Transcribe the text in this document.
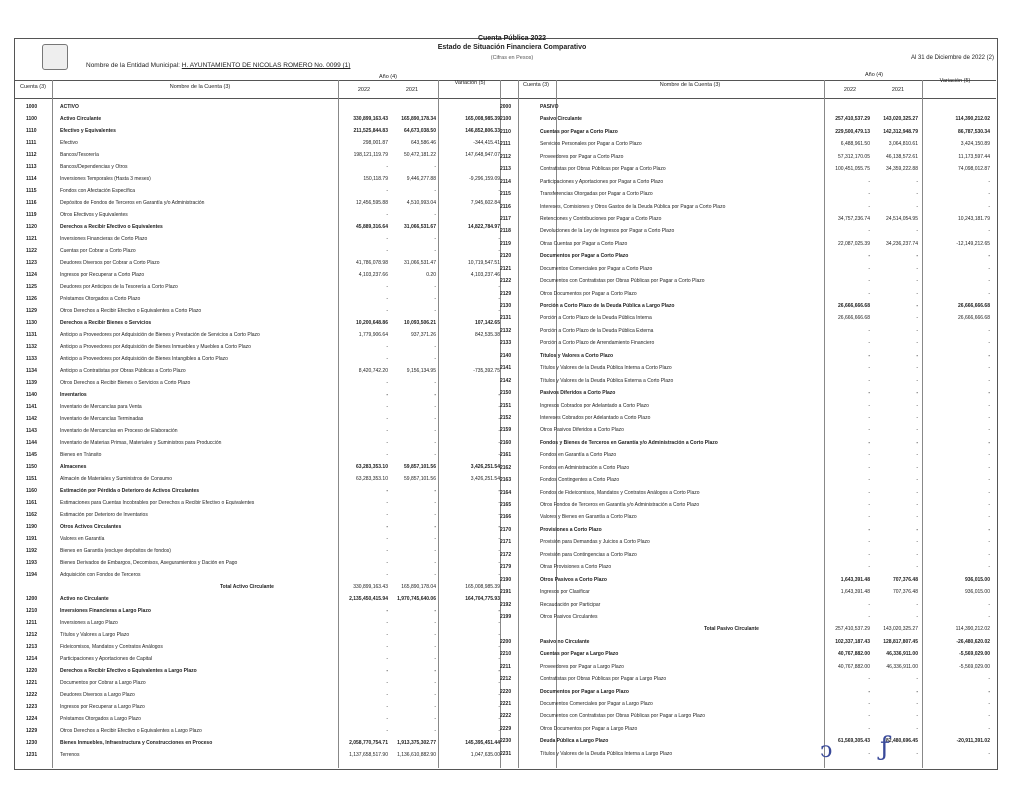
Cuenta Pública 2022
Estado de Situación Financiera Comparativo
(Cifras en Pesos)
Nombre de la Entidad Municipal: H. AYUNTAMIENTO DE NICOLAS ROMERO No. 0099 (1)
Al 31 de Diciembre de 2022 (2)
Cuenta (3)	Nombre de la Cuenta (3)
Año (4)
2022	2021
Variación (5)	Cuenta (3)	Nombre de la Cuenta (3)
Año (4)
2022	2021
Variación (5)
1000	ACTIVO
1100	Activo Circulante	330,899,163.43	165,890,178.34	165,008,985.39
1110	Efectivo y Equivalentes	211,525,844.83	64,673,038.50	146,852,806.33
1111	Efectivo	298,001.87	643,586.46	-344,415.41
1112	Bancos/Tesorería	198,121,119.79	50,472,181.22	147,648,947.07
1113	Bancos/Dependencias y Otros	-	-
1114	Inversiones Temporales (Hasta 3 meses)	150,118.79	9,446,277.88	-9,296,159.09
1115	Fondos con Afectación Específica	-	-	-
1116	Depósitos de Fondos de Terceros en Garantía y/o Administración	12,456,595.88	4,510,993.04	7,945,602.84
1119	Otros Efectivos y Equivalentes	-	-
1120	Derechos a Recibir Efectivo o Equivalentes	45,889,316.64	31,066,531.67	14,822,784.97
1121	Inversiones Financieras de Corto Plazo	-	-	-
1122	Cuentas por Cobrar a Corto Plazo	-	-	-
1123	Deudores Diversos por Cobrar a Corto Plazo	41,786,078.98	31,066,531.47	10,719,547.51
1124	Ingresos por Recuperar a Corto Plazo	4,103,237.66	0.20	4,103,237.46
1125	Deudores por Anticipos de la Tesorería a Corto Plazo	-	-	-
1126	Préstamos Otorgados a Corto Plazo	-	-	-
1129	Otros Derechos a Recibir Efectivo o Equivalentes a Corto Plazo	-	-	-
1130	Derechos a Recibir Bienes o Servicios	10,200,648.86	10,093,506.21	107,142.65
1131	Anticipo a Proveedores por Adquisición de Bienes y Prestación de Servicios a Corto Plazo	1,779,906.64	937,371.26	842,535.38
1132	Anticipo a Proveedores por Adquisición de Bienes Inmuebles y Muebles a Corto Plazo	-	-
1133	Anticipo a Proveedores por Adquisición de Bienes Intangibles a Corto Plazo	-	-
1134	Anticipo a Contratistas por Obras Públicas a Corto Plazo	8,420,742.20	9,156,134.95	-735,392.75
1139	Otros Derechos a Recibir Bienes o Servicios a Corto Plazo	-	-
1140	Inventarios	-	-	-
1141	Inventario de Mercancías para Venta	-	-	-
1142	Inventario de Mercancías Terminadas	-	-	-
1143	Inventario de Mercancías en Proceso de Elaboración	-	-	-
1144	Inventario de Materias Primas, Materiales y Suministros para Producción	-	-	-
1145	Bienes en Tránsito	-	-	-
1150	Almacenes	63,283,353.10	59,857,101.56	3,426,251.54
1151	Almacén de Materiales y Suministros de Consumo	63,283,353.10	59,857,101.56	3,426,251.54
1160	Estimación por Pérdida o Deterioro de Activos Circulantes	-	-	-
1161	Estimaciones para Cuentas Incobrables por Derechos a Recibir Efectivo o Equivalentes	-	-	-
1162	Estimación por Deterioro de Inventarios	-	-	-
1190	Otros Activos Circulantes	-	-	-
1191	Valores en Garantía	-	-	-
1192	Bienes en Garantía (excluye depósitos de fondos)	-	-	-
1193	Bienes Derivados de Embargos, Decomisos, Aseguramientos y Dación en Pago	-	-	-
1194	Adquisición con Fondos de Terceros	-	-	-
Total Activo Circulante	330,899,163.43	165,890,178.04	165,008,985.39
1200	Activo no Circulante	2,135,450,415.94	1,970,745,640.06	164,704,775.93
1210	Inversiones Financieras a Largo Plazo	-	-	-
1211	Inversiones a Largo Plazo	-	-	-
1212	Títulos y Valores a Largo Plazo	-	-	-
1213	Fideicomisos, Mandatos y Contratos Análogos	-	-	-
1214	Participaciones y Aportaciones de Capital	-	-	-
1220	Derechos a Recibir Efectivo o Equivalentes a Largo Plazo	-	-	-
1221	Documentos por Cobrar a Largo Plazo	-	-	-
1222	Deudores Diversos a Largo Plazo	-	-	-
1223	Ingresos por Recuperar a Largo Plazo	-	-	-
1224	Préstamos Otorgados a Largo Plazo	-	-	-
1229	Otros Derechos a Recibir Efectivo o Equivalentes a Largo Plazo	-	-	-
1230	Bienes Inmuebles, Infraestructura y Construcciones en Proceso	2,058,770,754.71	1,913,375,302.77	145,395,451.44
1231	Terrenos	1,137,658,517.90	1,136,610,882.90	1,047,635.00
2000	PASIVO
2100	Pasivo Circulante	257,410,537.29	143,020,325.27	114,390,212.02
2110	Cuentas por Pagar a Corto Plazo	229,500,479.13	142,312,948.79	86,787,530.34
2111	Servicios Personales por Pagar a Corto Plazo	6,488,961.50	3,064,810.61	3,424,150.89
2112	Proveedores por Pagar a Corto Plazo	57,312,170.05	46,138,572.61	11,173,597.44
2113	Contratistas por Obras Públicas por Pagar a Corto Plazo	100,451,055.75	34,359,222.88	74,098,012.87
2114	Participaciones y Aportaciones por Pagar a Corto Plazo	-	-	-
2115	Transferencias Otorgadas por Pagar a Corto Plazo	-	-	-
2116	Intereses, Comisiones y Otros Gastos de la Deuda Pública por Pagar a Corto Plazo	-	-	-
2117	Retenciones y Contribuciones por Pagar a Corto Plazo	34,757,236.74	24,514,054.95	10,243,181.79
2118	Devoluciones de la Ley de Ingresos por Pagar a Corto Plazo	-	-	-
2119	Otras Cuentas por Pagar a Corto Plazo	22,087,025.39	34,236,237.74	-12,149,212.65
2120	Documentos por Pagar a Corto Plazo	-	-	-
2121	Documentos Comerciales por Pagar a Corto Plazo	-	-	-
2122	Documentos con Contratistas por Obras Públicas por Pagar a Corto Plazo	-	-	-
2129	Otros Documentos por Pagar a Corto Plazo	-	-	-
2130	Porción a Corto Plazo de la Deuda Pública a Largo Plazo	26,666,666.68	-	26,666,666.68
2131	Porción a Corto Plazo de la Deuda Pública Interna	26,666,666.68	-	26,666,666.68
2132	Porción a Corto Plazo de la Deuda Pública Externa	-	-	-
2133	Porción a Corto Plazo de Arrendamiento Financiero	-	-	-
2140	Títulos y Valores a Corto Plazo	-	-	-
2141	Títulos y Valores de la Deuda Pública Interna a Corto Plazo	-	-	-
2142	Títulos y Valores de la Deuda Pública Externa a Corto Plazo	-	-	-
2150	Pasivos Diferidos a Corto Plazo	-	-	-
2151	Ingresos Cobrados por Adelantado a Corto Plazo	-	-	-
2152	Intereses Cobrados por Adelantado a Corto Plazo	-	-	-
2159	Otros Pasivos Diferidos a Corto Plazo	-	-	-
2160	Fondos y Bienes de Terceros en Garantía y/o Administración a Corto Plazo	-	-	-
2161	Fondos en Garantía a Corto Plazo	-	-	-
2162	Fondos en Administración a Corto Plazo	-	-	-
2163	Fondos Contingentes a Corto Plazo	-	-	-
2164	Fondos de Fideicomisos, Mandatos y Contratos Análogos a Corto Plazo	-	-	-
2165	Otros Fondos de Terceros en Garantía y/o Administración a Corto Plazo	-	-	-
2166	Valores y Bienes en Garantía a Corto Plazo	-	-	-
2170	Provisiones a Corto Plazo	-	-	-
2171	Provisión para Demandas y Juicios a Corto Plazo	-	-	-
2172	Provisión para Contingencias a Corto Plazo	-	-	-
2179	Otras Provisiones a Corto Plazo	-	-	-
2190	Otros Pasivos a Corto Plazo	1,643,391.48	707,376.48	936,015.00
2191	Ingresos por Clasificar	1,643,391.48	707,376.48	936,015.00
2192	Recaudación por Participar	-	-	-
2199	Otros Pasivos Circulantes	-	-	-
Total Pasivo Circulante	257,410,537.29	143,020,325.27	114,390,212.02
2200	Pasivo no Circulante	102,337,187.43	128,817,807.45	-26,480,620.02
2210	Cuentas por Pagar a Largo Plazo	40,767,882.00	46,336,911.00	-5,569,029.00
2211	Proveedores por Pagar a Largo Plazo	40,767,882.00	46,336,911.00	-5,569,029.00
2212	Contratistas por Obras Públicas por Pagar a Largo Plazo	-	-	-
2220	Documentos por Pagar a Largo Plazo	-	-	-
2221	Documentos Comerciales por Pagar a Largo Plazo	-	-	-
2222	Documentos con Contratistas por Obras Públicas por Pagar a Largo Plazo	-	-	-
2229	Otros Documentos por Pagar a Largo Plazo	-	-	-
2230	Deuda Pública a Largo Plazo	61,569,305.43	82,480,696.45	-20,911,391.02
2231	Títulos y Valores de la Deuda Pública Interna a Largo Plazo	-	-	-
ↄ ƒ
